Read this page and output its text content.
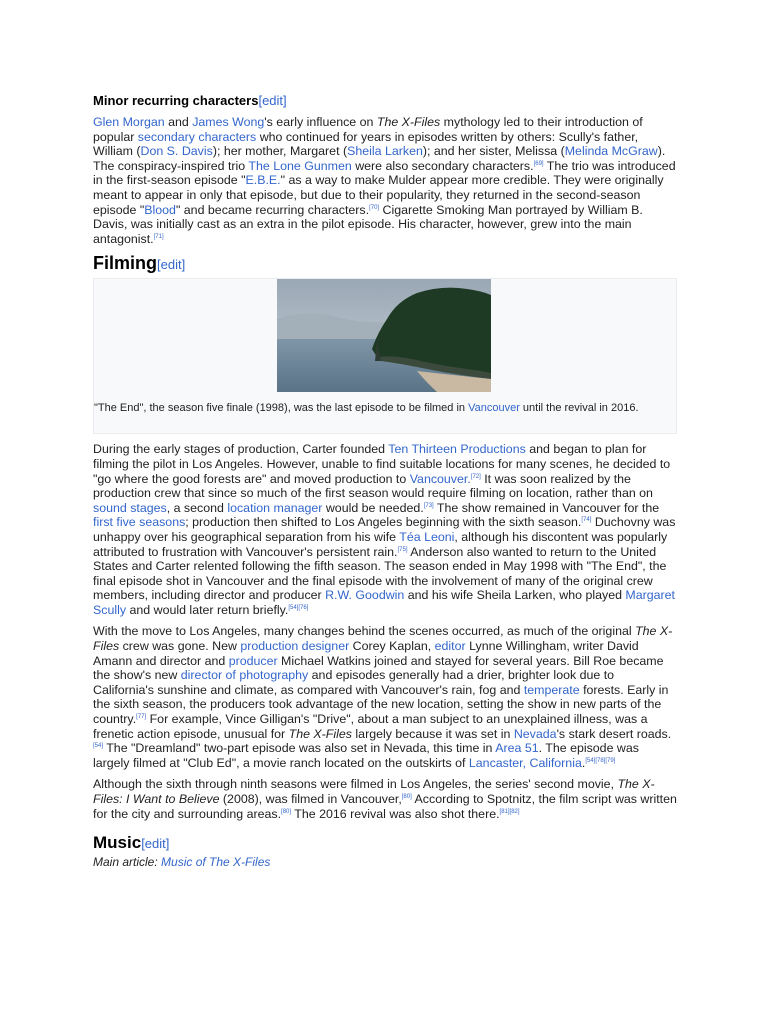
Minor recurring characters[edit]

Glen Morgan and James Wong's early influence on The X-Files mythology led to their introduction of popular secondary characters who continued for years in episodes written by others: Scully's father, William (Don S. Davis); her mother, Margaret (Sheila Larken); and her sister, Melissa (Melinda McGraw). The conspiracy-inspired trio The Lone Gunmen were also secondary characters.[69] The trio was introduced in the first-season episode "E.B.E." as a way to make Mulder appear more credible. They were originally meant to appear in only that episode, but due to their popularity, they returned in the second-season episode "Blood" and became recurring characters.[70] Cigarette Smoking Man portrayed by William B. Davis, was initially cast as an extra in the pilot episode. His character, however, grew into the main antagonist.[71]

Filming[edit]
"The End", the season five finale (1998), was the last episode to be filmed in Vancouver until the revival in 2016.

During the early stages of production, Carter founded Ten Thirteen Productions and began to plan for filming the pilot in Los Angeles. However, unable to find suitable locations for many scenes, he decided to "go where the good forests are" and moved production to Vancouver.[72] It was soon realized by the production crew that since so much of the first season would require filming on location, rather than on sound stages, a second location manager would be needed.[73] The show remained in Vancouver for the first five seasons; production then shifted to Los Angeles beginning with the sixth season.[74] Duchovny was unhappy over his geographical separation from his wife Téa Leoni, although his discontent was popularly attributed to frustration with Vancouver's persistent rain.[75] Anderson also wanted to return to the United States and Carter relented following the fifth season. The season ended in May 1998 with "The End", the final episode shot in Vancouver and the final episode with the involvement of many of the original crew members, including director and producer R.W. Goodwin and his wife Sheila Larken, who played Margaret Scully and would later return briefly.[54][76]

With the move to Los Angeles, many changes behind the scenes occurred, as much of the original The X-Files crew was gone. New production designer Corey Kaplan, editor Lynne Willingham, writer David Amann and director and producer Michael Watkins joined and stayed for several years. Bill Roe became the show's new director of photography and episodes generally had a drier, brighter look due to California's sunshine and climate, as compared with Vancouver's rain, fog and temperate forests. Early in the sixth season, the producers took advantage of the new location, setting the show in new parts of the country.[77] For example, Vince Gilligan's "Drive", about a man subject to an unexplained illness, was a frenetic action episode, unusual for The X-Files largely because it was set in Nevada's stark desert roads.[54] The "Dreamland" two-part episode was also set in Nevada, this time in Area 51. The episode was largely filmed at "Club Ed", a movie ranch located on the outskirts of Lancaster, California.[54][78][79]

Although the sixth through ninth seasons were filmed in Los Angeles, the series' second movie, The X-Files: I Want to Believe (2008), was filmed in Vancouver,[80] According to Spotnitz, the film script was written for the city and surrounding areas.[80] The 2016 revival was also shot there.[81][82]

Music[edit]
Main article: Music of The X-Files
